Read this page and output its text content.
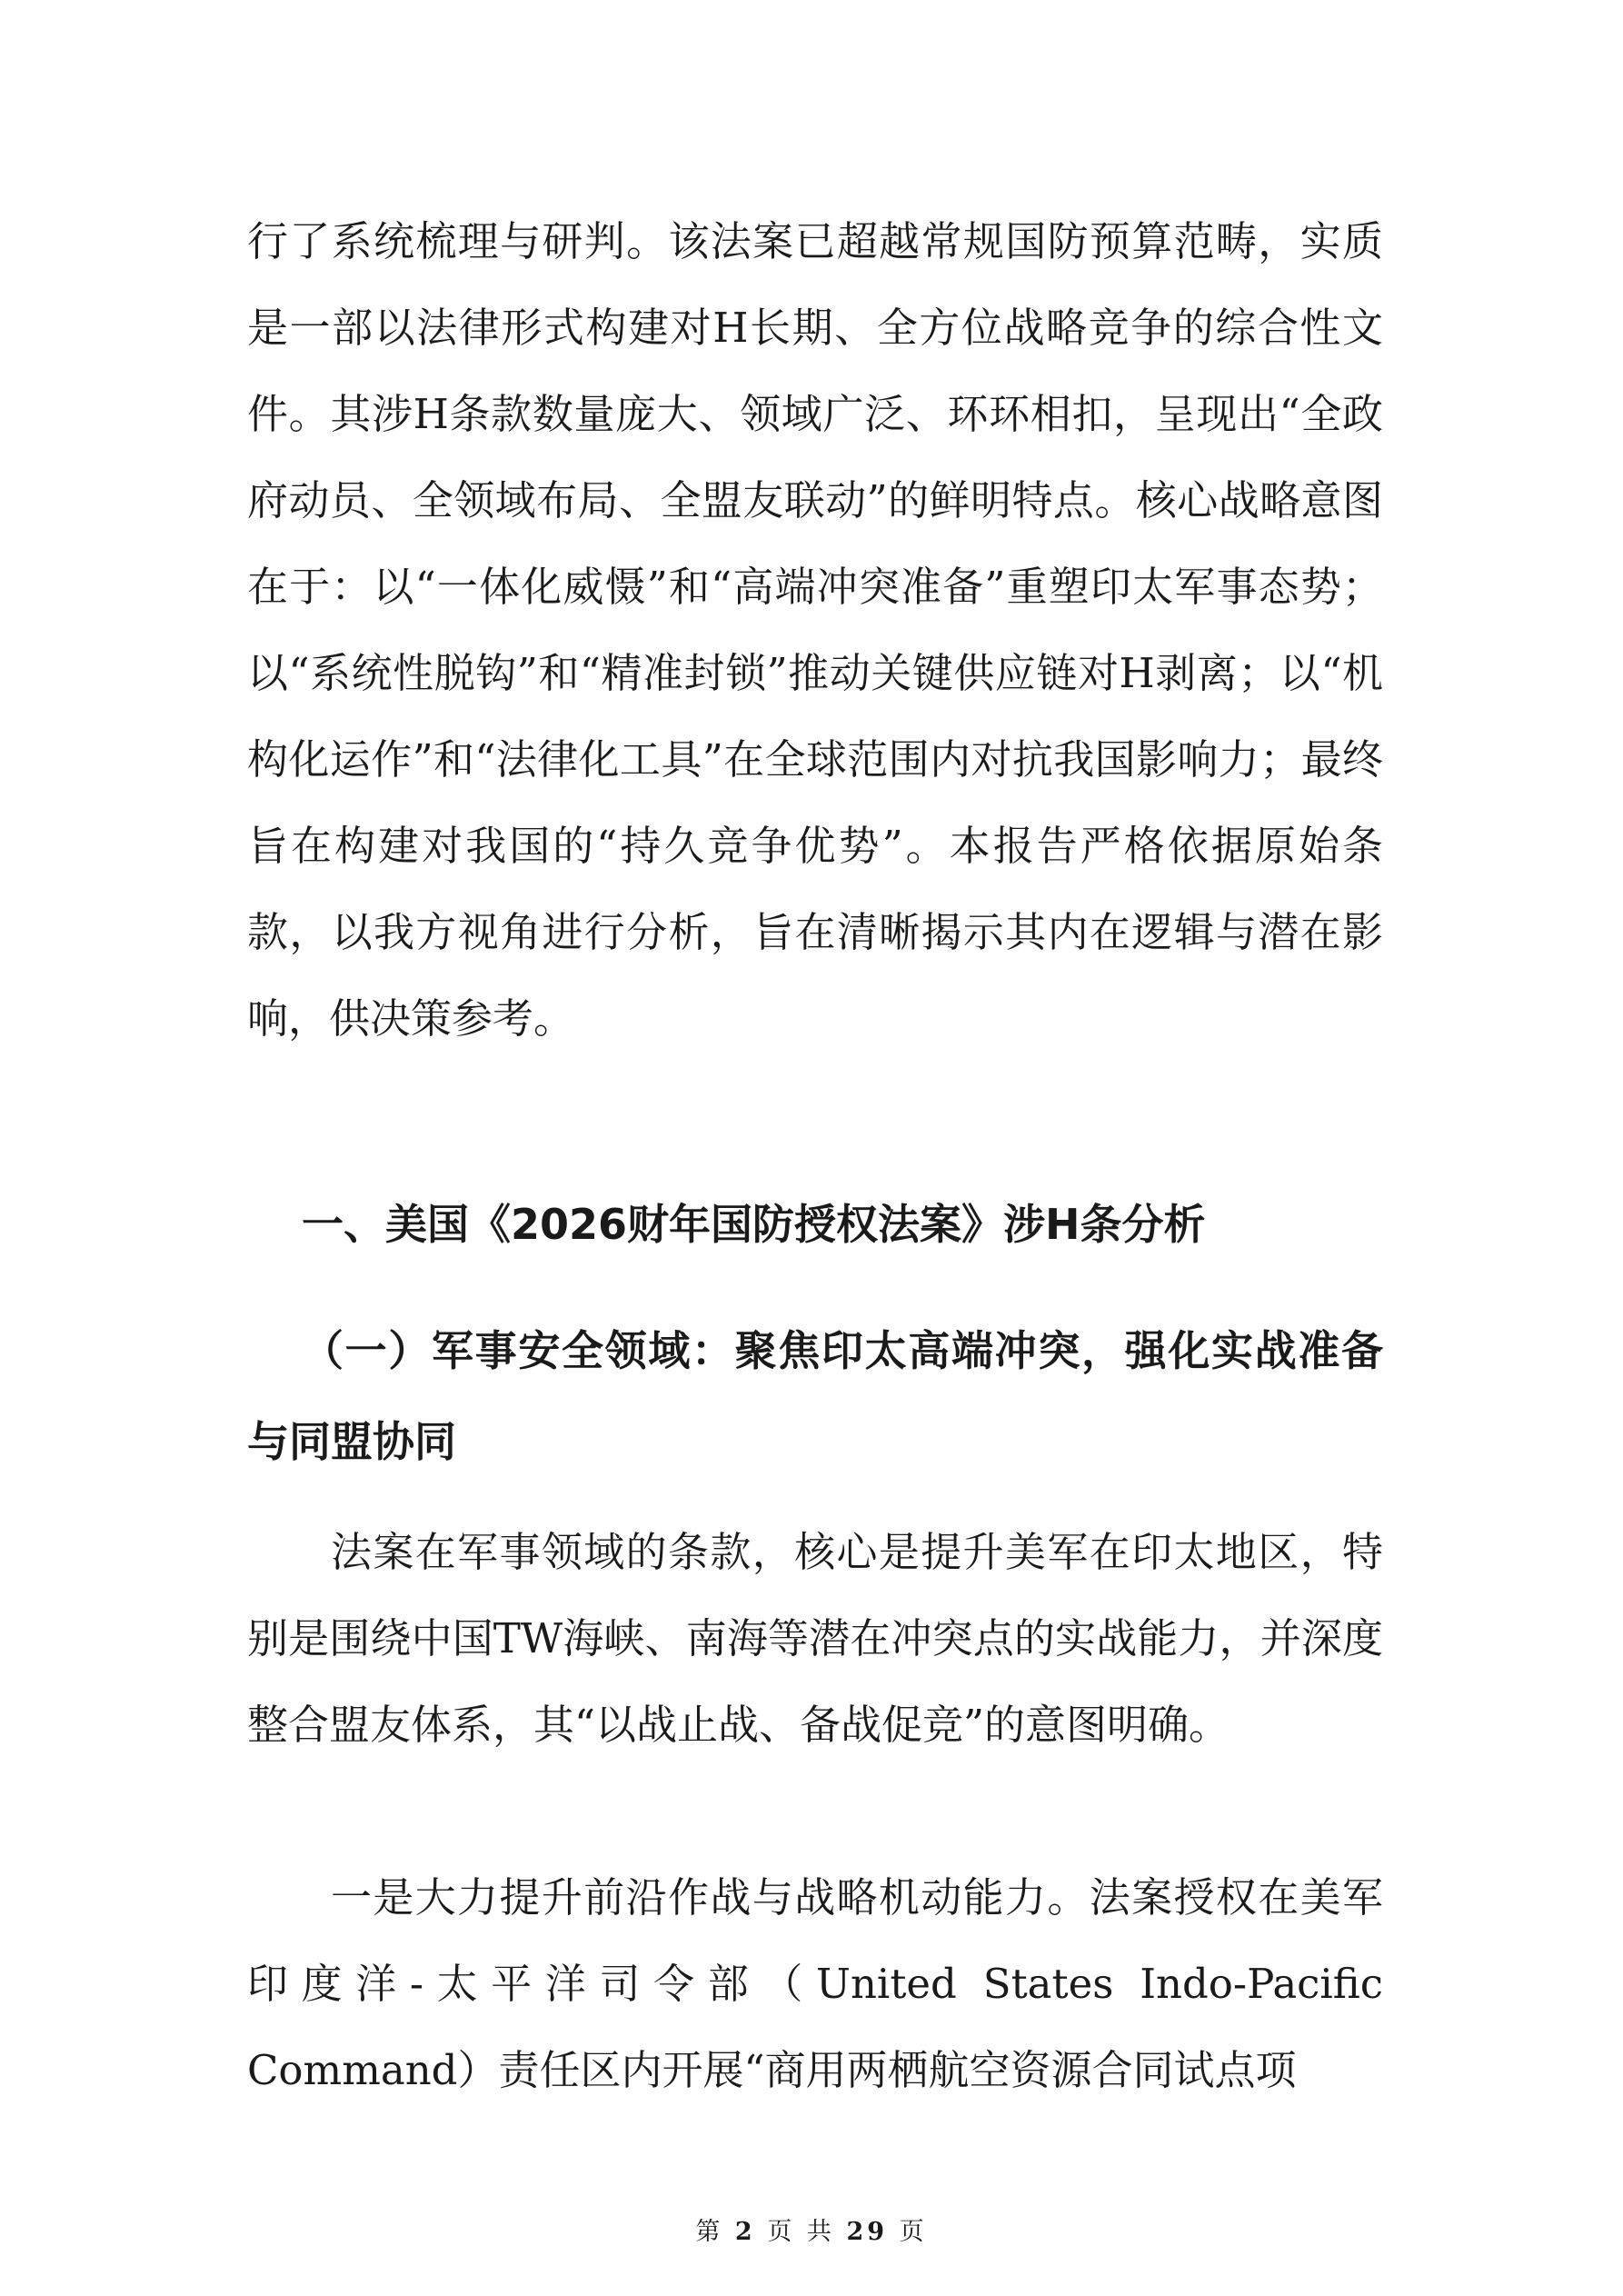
行了系统梳理与研判。该法案已超越常规国防预算范畴，实质是一部以法律形式构建对H长期、全方位战略竞争的综合性文件。其涉H条款数量庞大、领域广泛、环环相扣，呈现出“全政府动员、全领域布局、全盟友联动”的鲜明特点。核心战略意图在于：以“一体化威慑”和“高端冲突准备”重塑印太军事态势；以“系统性脱钩”和“精准封锁”推动关键供应链对H剥离；以“机构化运作”和“法律化工具”在全球范围内对抗我国影响力；最终旨在构建对我国的“持久竞争优势”。本报告严格依据原始条款，以我方视角进行分析，旨在清晰揭示其内在逻辑与潜在影响，供决策参考。

一、美国《2026财年国防授权法案》涉H条分析
（一）军事安全领域：聚焦印太高端冲突，强化实战准备与同盟协同

法案在军事领域的条款，核心是提升美军在印太地区，特别是围绕中国TW海峡、南海等潜在冲突点的实战能力，并深度整合盟友体系，其“以战止战、备战促竞”的意图明确。

一是大力提升前沿作战与战略机动能力。法案授权在美军印度洋-太平洋司令部（United States Indo-Pacific Command）责任区内开展“商用两栖航空资源合同试点项

第 2 页 共 29 页
